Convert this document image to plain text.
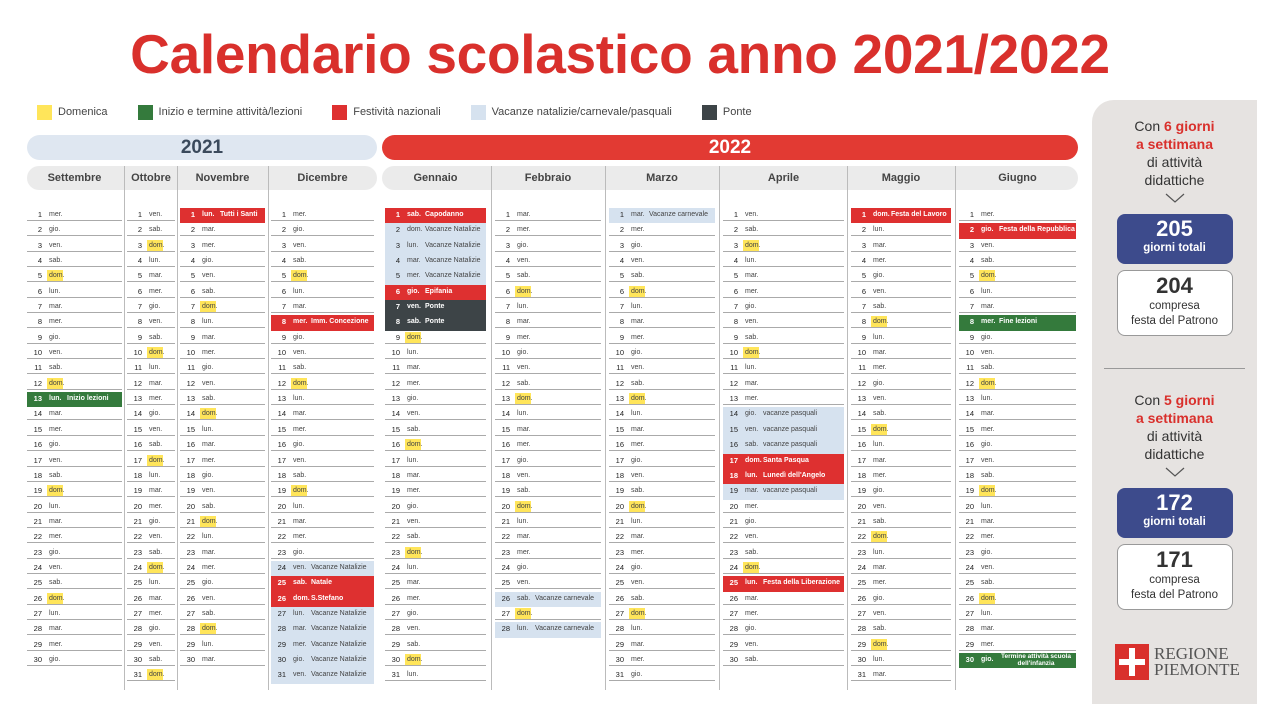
Calendario scolastico anno 2021/2022
Domenica	Inizio e termine attività/lezioni	Festività nazionali	Vacanze natalizie/carnevale/pasquali	Ponte
2021	2022
Settembre
1	mer.
2	gio.
3	ven.
4	sab.
5	dom.
6	lun.
7	mar.
8	mer.
9	gio.
10	ven.
11	sab.
12	dom.
13	lun. Inizio lezioni
14	mar.
15	mer.
16	gio.
17	ven.
18	sab.
19	dom.
20	lun.
21	mar.
22	mer.
23	gio.
24	ven.
25	sab.
26	dom.
27	lun.
28	mar.
29	mer.
30	gio.
Ottobre
1	ven.
2	sab.
3	dom.
4	lun.
5	mar.
6	mer.
7	gio.
8	ven.
9	sab.
10	dom.
11	lun.
12	mar.
13	mer.
14	gio.
15	ven.
16	sab.
17	dom.
18	lun.
19	mar.
20	mer.
21	gio.
22	ven.
23	sab.
24	dom.
25	lun.
26	mar.
27	mer.
28	gio.
29	ven.
30	sab.
31	dom.
Novembre
1	lun. Tutti i Santi
2	mar.
3	mer.
4	gio.
5	ven.
6	sab.
7	dom.
8	lun.
9	mar.
10	mer.
11	gio.
12	ven.
13	sab.
14	dom.
15	lun.
16	mar.
17	mer.
18	gio.
19	ven.
20	sab.
21	dom.
22	lun.
23	mar.
24	mer.
25	gio.
26	ven.
27	sab.
28	dom.
29	lun.
30	mar.
Dicembre
1	mer.
2	gio.
3	ven.
4	sab.
5	dom.
6	lun.
7	mar.
8	mer. Imm. Concezione
9	gio.
10	ven.
11	sab.
12	dom.
13	lun.
14	mar.
15	mer.
16	gio.
17	ven.
18	sab.
19	dom.
20	lun.
21	mar.
22	mer.
23	gio.
24	ven. Vacanze Natalizie
25	sab. Natale
26	dom. S.Stefano
27	lun. Vacanze Natalizie
28	mar. Vacanze Natalizie
29	mer. Vacanze Natalizie
30	gio. Vacanze Natalizie
31	ven. Vacanze Natalizie
Gennaio
1	sab. Capodanno
2	dom. Vacanze Natalizie
3	lun. Vacanze Natalizie
4	mar. Vacanze Natalizie
5	mer. Vacanze Natalizie
6	gio. Epifania
7	ven. Ponte
8	sab. Ponte
9	dom.
10	lun.
11	mar.
12	mer.
13	gio.
14	ven.
15	sab.
16	dom.
17	lun.
18	mar.
19	mer.
20	gio.
21	ven.
22	sab.
23	dom.
24	lun.
25	mar.
26	mer.
27	gio.
28	ven.
29	sab.
30	dom.
31	lun.
Febbraio
1	mar.
2	mer.
3	gio.
4	ven.
5	sab.
6	dom.
7	lun.
8	mar.
9	mer.
10	gio.
11	ven.
12	sab.
13	dom.
14	lun.
15	mar.
16	mer.
17	gio.
18	ven.
19	sab.
20	dom.
21	lun.
22	mar.
23	mer.
24	gio.
25	ven.
26	sab. Vacanze carnevale
27	dom.
28	lun. Vacanze carnevale
Marzo
1	mar. Vacanze carnevale
2	mer.
3	gio.
4	ven.
5	sab.
6	dom.
7	lun.
8	mar.
9	mer.
10	gio.
11	ven.
12	sab.
13	dom.
14	lun.
15	mar.
16	mer.
17	gio.
18	ven.
19	sab.
20	dom.
21	lun.
22	mar.
23	mer.
24	gio.
25	ven.
26	sab.
27	dom.
28	lun.
29	mar.
30	mer.
31	gio.
Aprile
1	ven.
2	sab.
3	dom.
4	lun.
5	mar.
6	mer.
7	gio.
8	ven.
9	sab.
10	dom.
11	lun.
12	mar.
13	mer.
14	gio. vacanze pasquali
15	ven. vacanze pasquali
16	sab. vacanze pasquali
17	dom. Santa Pasqua
18	lun. Lunedì dell'Angelo
19	mar. vacanze pasquali
20	mer.
21	gio.
22	ven.
23	sab.
24	dom.
25	lun. Festa della Liberazione
26	mar.
27	mer.
28	gio.
29	ven.
30	sab.
Maggio
1	dom. Festa del Lavoro
2	lun.
3	mar.
4	mer.
5	gio.
6	ven.
7	sab.
8	dom.
9	lun.
10	mar.
11	mer.
12	gio.
13	ven.
14	sab.
15	dom.
16	lun.
17	mar.
18	mer.
19	gio.
20	ven.
21	sab.
22	dom.
23	lun.
24	mar.
25	mer.
26	gio.
27	ven.
28	sab.
29	dom.
30	lun.
31	mar.
Giugno
1	mer.
2	gio. Festa della Repubblica
3	ven.
4	sab.
5	dom.
6	lun.
7	mar.
8	mer. Fine lezioni
9	gio.
10	ven.
11	sab.
12	dom.
13	lun.
14	mar.
15	mer.
16	gio.
17	ven.
18	sab.
19	dom.
20	lun.
21	mar.
22	mer.
23	gio.
24	ven.
25	sab.
26	dom.
27	lun.
28	mar.
29	mer.
30	gio.	Termine attività scuola dell'infanzia
Con 6 giorni
a settimana
di attività
didattiche
205
giorni totali
204
compresa
festa del Patrono
Con 5 giorni
a settimana
di attività
didattiche
172
giorni totali
171
compresa
festa del Patrono
REGIONE
PIEMONTE
